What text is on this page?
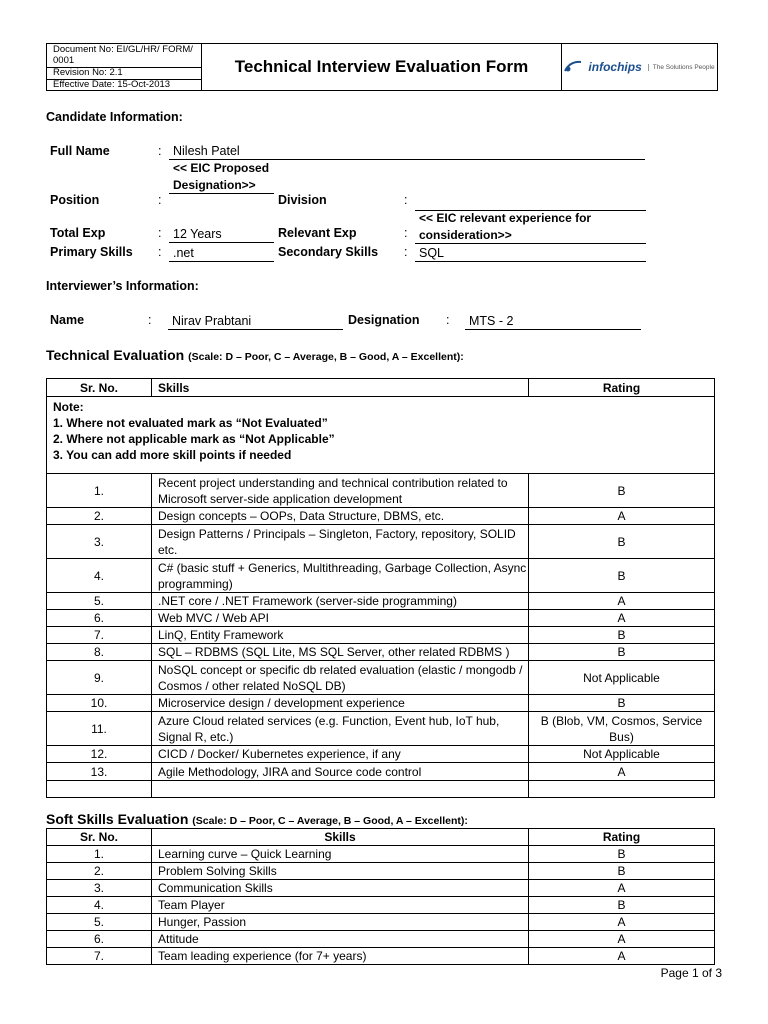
Document No: EI/GL/HR/ FORM/ 0001
Revision No: 2.1
Effective Date: 15-Oct-2013
Technical Interview Evaluation Form	infochips	The Solutions People
Candidate Information:
Full Name	: Nilesh Patel
Position	:
<< EIC Proposed Designation>>
Division	:
Total Exp	: 12 Years	Relevant Exp	:
<< EIC relevant experience for consideration>>
Primary Skills : .net	Secondary Skills : SQL
Interviewer’s Information:
Name	:	Nirav Prabtani	Designation :	MTS - 2
Technical Evaluation (Scale: D – Poor, C – Average, B – Good, A – Excellent):
Sr. No.	Skills	Rating

Note:
1. Where not evaluated mark as “Not Evaluated”
2. Where not applicable mark as “Not Applicable”
3. You can add more skill points if needed		

1.	Recent project understanding and technical contribution related to Microsoft server-side application development	B
2.	Design concepts – OOPs, Data Structure, DBMS, etc.	A
3.	Design Patterns / Principals – Singleton, Factory, repository, SOLID etc.	B
4.	C# (basic stuff + Generics, Multithreading, Garbage Collection, Async programming)	B
5.	.NET core / .NET Framework (server-side programming)	A
6.	Web MVC / Web API	A
7.	LinQ, Entity Framework	B
8.	SQL – RDBMS (SQL Lite, MS SQL Server, other related RDBMS )	B
9.	NoSQL concept or specific db related evaluation (elastic / mongodb / Cosmos / other related NoSQL DB)	Not Applicable
10.	Microservice design / development experience	B
11.	Azure Cloud related services (e.g. Function, Event hub, IoT hub, Signal R, etc.)	B (Blob, VM, Cosmos, Service Bus)
12.	CICD / Docker/ Kubernetes experience, if any	Not Applicable
13.	Agile Methodology, JIRA and Source code control	A

Soft Skills Evaluation (Scale: D – Poor, C – Average, B – Good, A – Excellent):
Sr. No.	Skills	Rating
1.	Learning curve – Quick Learning	B
2.	Problem Solving Skills	B
3.	Communication Skills	A
4.	Team Player	B
5.	Hunger, Passion	A
6.	Attitude	A
7.	Team leading experience (for 7+ years)	A
Page 1 of 3
